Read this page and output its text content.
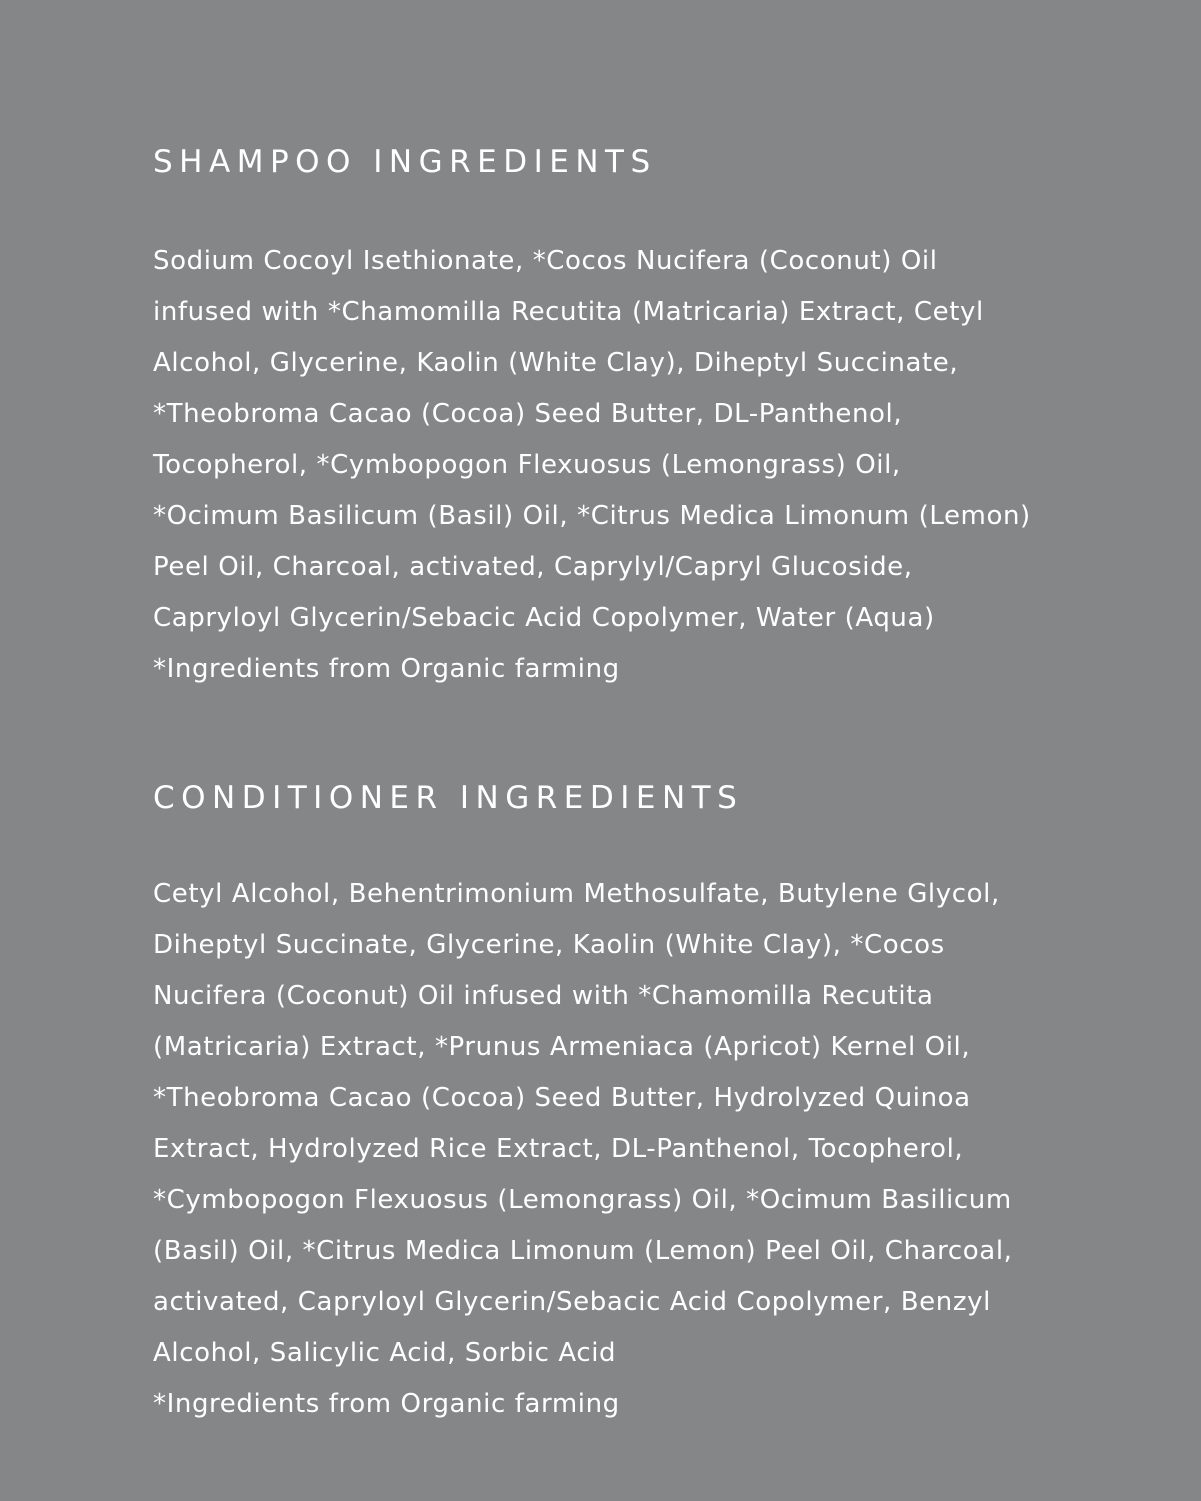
SHAMPOO INGREDIENTS

Sodium Cocoyl Isethionate, *Cocos Nucifera (Coconut) Oil
infused with *Chamomilla Recutita (Matricaria) Extract, Cetyl
Alcohol, Glycerine, Kaolin (White Clay), Diheptyl Succinate,
*Theobroma Cacao (Cocoa) Seed Butter, DL-Panthenol,
Tocopherol, *Cymbopogon Flexuosus (Lemongrass) Oil,
*Ocimum Basilicum (Basil) Oil, *Citrus Medica Limonum (Lemon)
Peel Oil, Charcoal, activated, Caprylyl/Capryl Glucoside,
Capryloyl Glycerin/Sebacic Acid Copolymer, Water (Aqua)
*Ingredients from Organic farming

CONDITIONER INGREDIENTS

Cetyl Alcohol, Behentrimonium Methosulfate, Butylene Glycol,
Diheptyl Succinate, Glycerine, Kaolin (White Clay), *Cocos
Nucifera (Coconut) Oil infused with *Chamomilla Recutita
(Matricaria) Extract, *Prunus Armeniaca (Apricot) Kernel Oil,
*Theobroma Cacao (Cocoa) Seed Butter, Hydrolyzed Quinoa
Extract, Hydrolyzed Rice Extract, DL-Panthenol, Tocopherol,
*Cymbopogon Flexuosus (Lemongrass) Oil, *Ocimum Basilicum
(Basil) Oil, *Citrus Medica Limonum (Lemon) Peel Oil, Charcoal,
activated, Capryloyl Glycerin/Sebacic Acid Copolymer, Benzyl
Alcohol, Salicylic Acid, Sorbic Acid
*Ingredients from Organic farming
